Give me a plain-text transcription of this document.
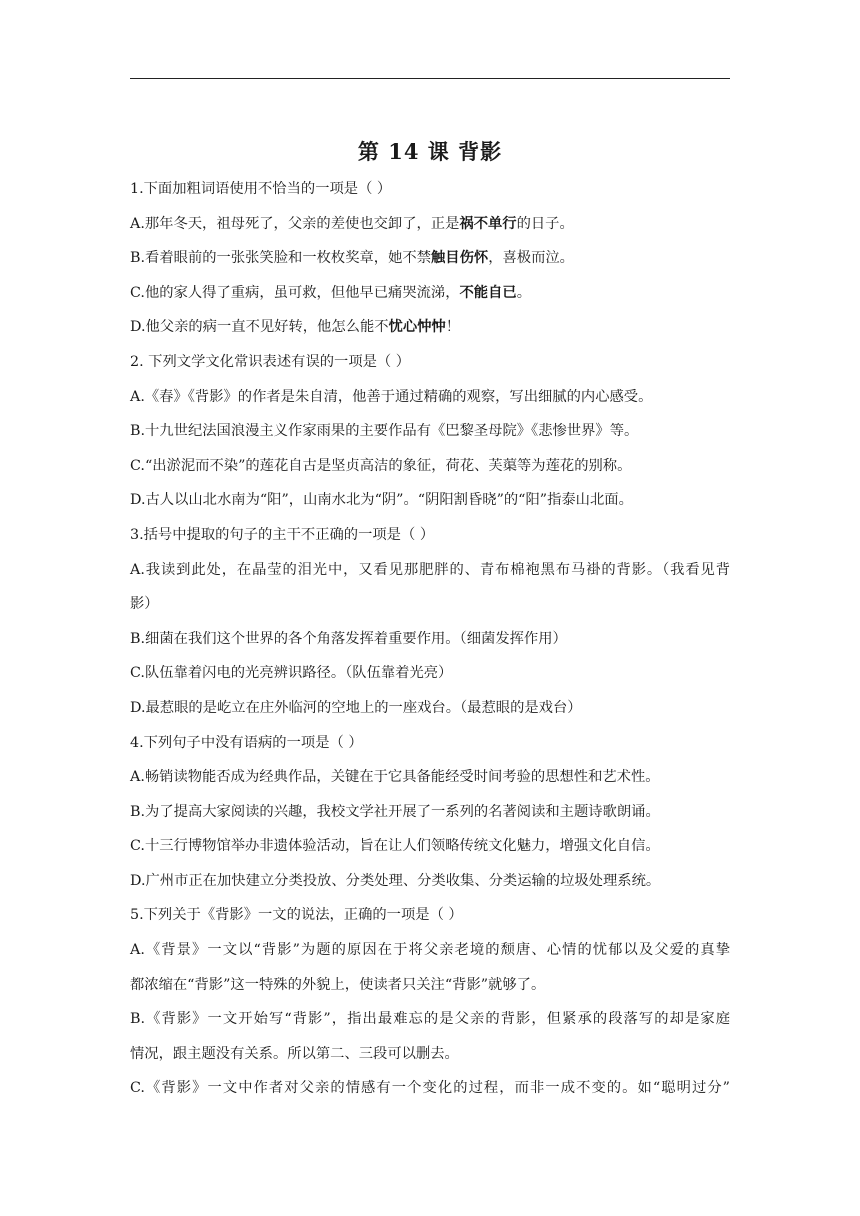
第 14 课 背影
1.下面加粗词语使用不恰当的一项是（ ）
A.那年冬天，祖母死了，父亲的差使也交卸了，正是祸不单行的日子。
B.看着眼前的一张张笑脸和一枚枚奖章，她不禁触目伤怀，喜极而泣。
C.他的家人得了重病，虽可救，但他早已痛哭流涕，不能自已。
D.他父亲的病一直不见好转，他怎么能不忧心忡忡！
2. 下列文学文化常识表述有误的一项是（ ）
A.《春》《背影》的作者是朱自清，他善于通过精确的观察，写出细腻的内心感受。
B.十九世纪法国浪漫主义作家雨果的主要作品有《巴黎圣母院》《悲惨世界》等。
C.“出淤泥而不染”的莲花自古是坚贞高洁的象征，荷花、芙蕖等为莲花的别称。
D.古人以山北水南为“阳”，山南水北为“阴”。“阴阳割昏晓”的“阳”指泰山北面。
3.括号中提取的句子的主干不正确的一项是（ ）
A.我读到此处，在晶莹的泪光中，又看见那肥胖的、青布棉袍黑布马褂的背影。（我看见背
影）
B.细菌在我们这个世界的各个角落发挥着重要作用。（细菌发挥作用）
C.队伍靠着闪电的光亮辨识路径。（队伍靠着光亮）
D.最惹眼的是屹立在庄外临河的空地上的一座戏台。（最惹眼的是戏台）
4.下列句子中没有语病的一项是（ ）
A.畅销读物能否成为经典作品，关键在于它具备能经受时间考验的思想性和艺术性。
B.为了提高大家阅读的兴趣，我校文学社开展了一系列的名著阅读和主题诗歌朗诵。
C.十三行博物馆举办非遗体验活动，旨在让人们领略传统文化魅力，增强文化自信。
D.广州市正在加快建立分类投放、分类处理、分类收集、分类运输的垃圾处理系统。
5.下列关于《背影》一文的说法，正确的一项是（ ）
A.《背景》一文以“背影”为题的原因在于将父亲老境的颓唐、心情的忧郁以及父爱的真挚
都浓缩在“背影”这一特殊的外貌上，使读者只关注“背影”就够了。
B.《背影》一文开始写“背影”，指出最难忘的是父亲的背影，但紧承的段落写的却是家庭
情况，跟主题没有关系。所以第二、三段可以删去。
C.《背影》一文中作者对父亲的情感有一个变化的过程，而非一成不变的。如“聪明过分”
